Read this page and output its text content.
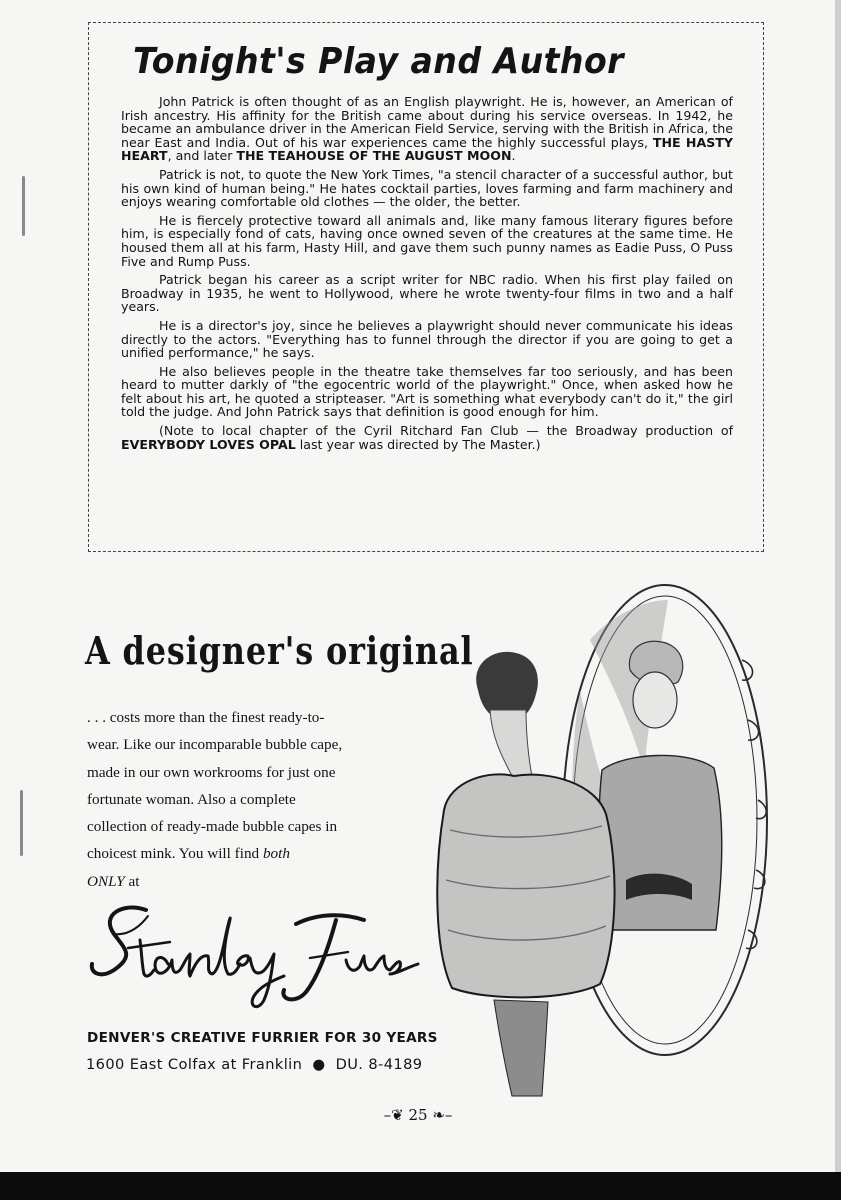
Tonight's Play and Author

John Patrick is often thought of as an English playwright. He is, however, an American of Irish ancestry. His affinity for the British came about during his service overseas. In 1942, he became an ambulance driver in the American Field Service, serving with the British in Africa, the near East and India. Out of his war experiences came the highly successful plays, THE HASTY HEART, and later THE TEAHOUSE OF THE AUGUST MOON.

Patrick is not, to quote the New York Times, "a stencil character of a successful author, but his own kind of human being." He hates cocktail parties, loves farming and farm machinery and enjoys wearing comfortable old clothes — the older, the better.

He is fiercely protective toward all animals and, like many famous literary figures before him, is especially fond of cats, having once owned seven of the creatures at the same time. He housed them all at his farm, Hasty Hill, and gave them such punny names as Eadie Puss, O Puss Five and Rump Puss.

Patrick began his career as a script writer for NBC radio. When his first play failed on Broadway in 1935, he went to Hollywood, where he wrote twenty-four films in two and a half years.

He is a director's joy, since he believes a playwright should never communicate his ideas directly to the actors. "Everything has to funnel through the director if you are going to get a unified performance," he says.

He also believes people in the theatre take themselves far too seriously, and has been heard to mutter darkly of "the egocentric world of the playwright." Once, when asked how he felt about his art, he quoted a stripteaser. "Art is something what everybody can't do it," the girl told the judge. And John Patrick says that definition is good enough for him.

(Note to local chapter of the Cyril Ritchard Fan Club — the Broadway production of EVERYBODY LOVES OPAL last year was directed by The Master.)

A designer's original
. . . costs more than the finest ready-to-
wear. Like our incomparable bubble cape,
made in our own workrooms for just one
fortunate woman. Also a complete
collection of ready-made bubble capes in
choicest mink. You will find both
ONLY at
Stanley Furs
DENVER'S CREATIVE FURRIER FOR 30 YEARS
1600 East Colfax at Franklin ● DU. 8-4189
–❦ 25 ❧–
